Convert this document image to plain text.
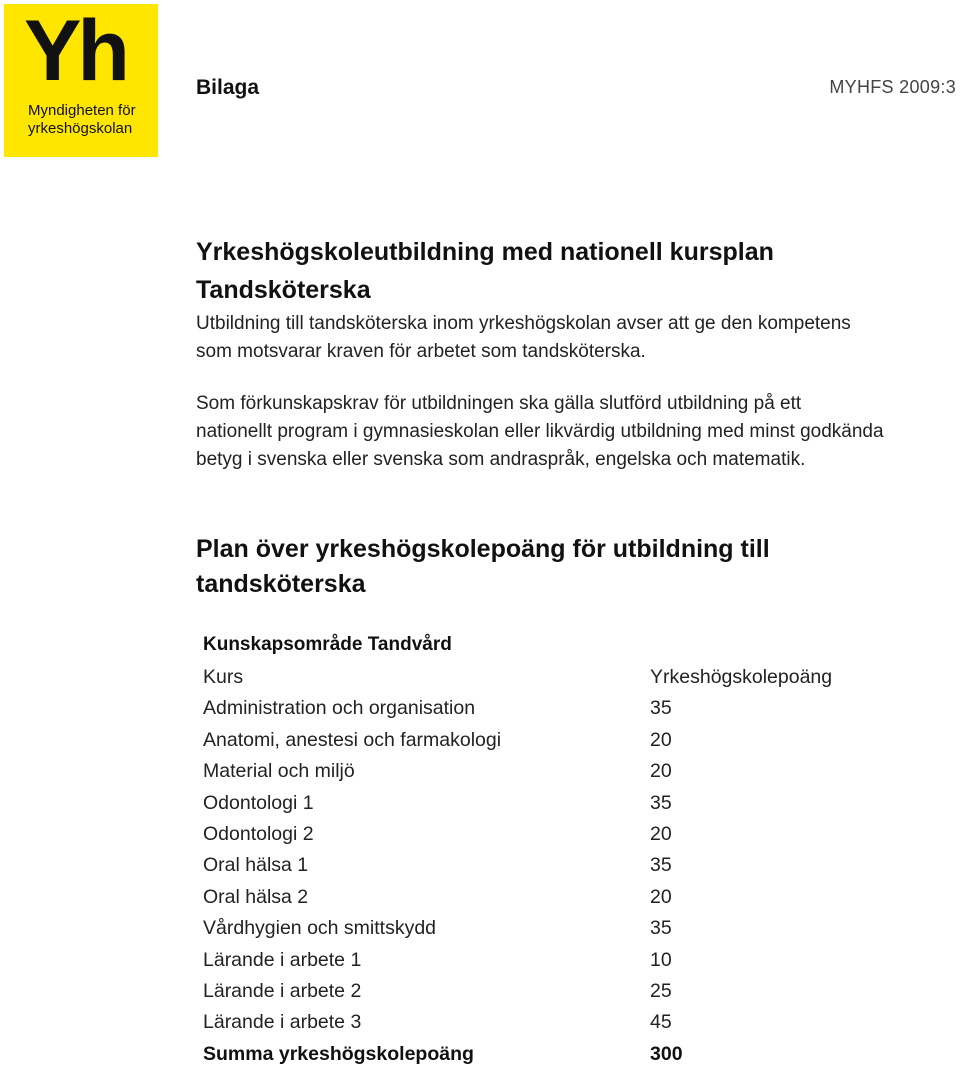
Yh
Myndigheten för
yrkeshögskolan
Bilaga	MYHFS 2009:3
Yrkeshögskoleutbildning med nationell kursplan
Tandsköterska
Utbildning till tandsköterska inom yrkeshögskolan avser att ge den kompetens
som motsvarar kraven för arbetet som tandsköterska.
Som förkunskapskrav för utbildningen ska gälla slutförd utbildning på ett
nationellt program i gymnasieskolan eller likvärdig utbildning med minst godkända
betyg i svenska eller svenska som andraspråk, engelska och matematik.
Plan över yrkeshögskolepoäng för utbildning till
tandsköterska
Kunskapsområde Tandvård
Kurs	Yrkeshögskolepoäng
Administration och organisation	35
Anatomi, anestesi och farmakologi	20
Material och miljö	20
Odontologi 1	35
Odontologi 2	20
Oral hälsa 1	35
Oral hälsa 2	20
Vårdhygien och smittskydd	35
Lärande i arbete 1	10
Lärande i arbete 2	25
Lärande i arbete 3	45
Summa yrkeshögskolepoäng	300
